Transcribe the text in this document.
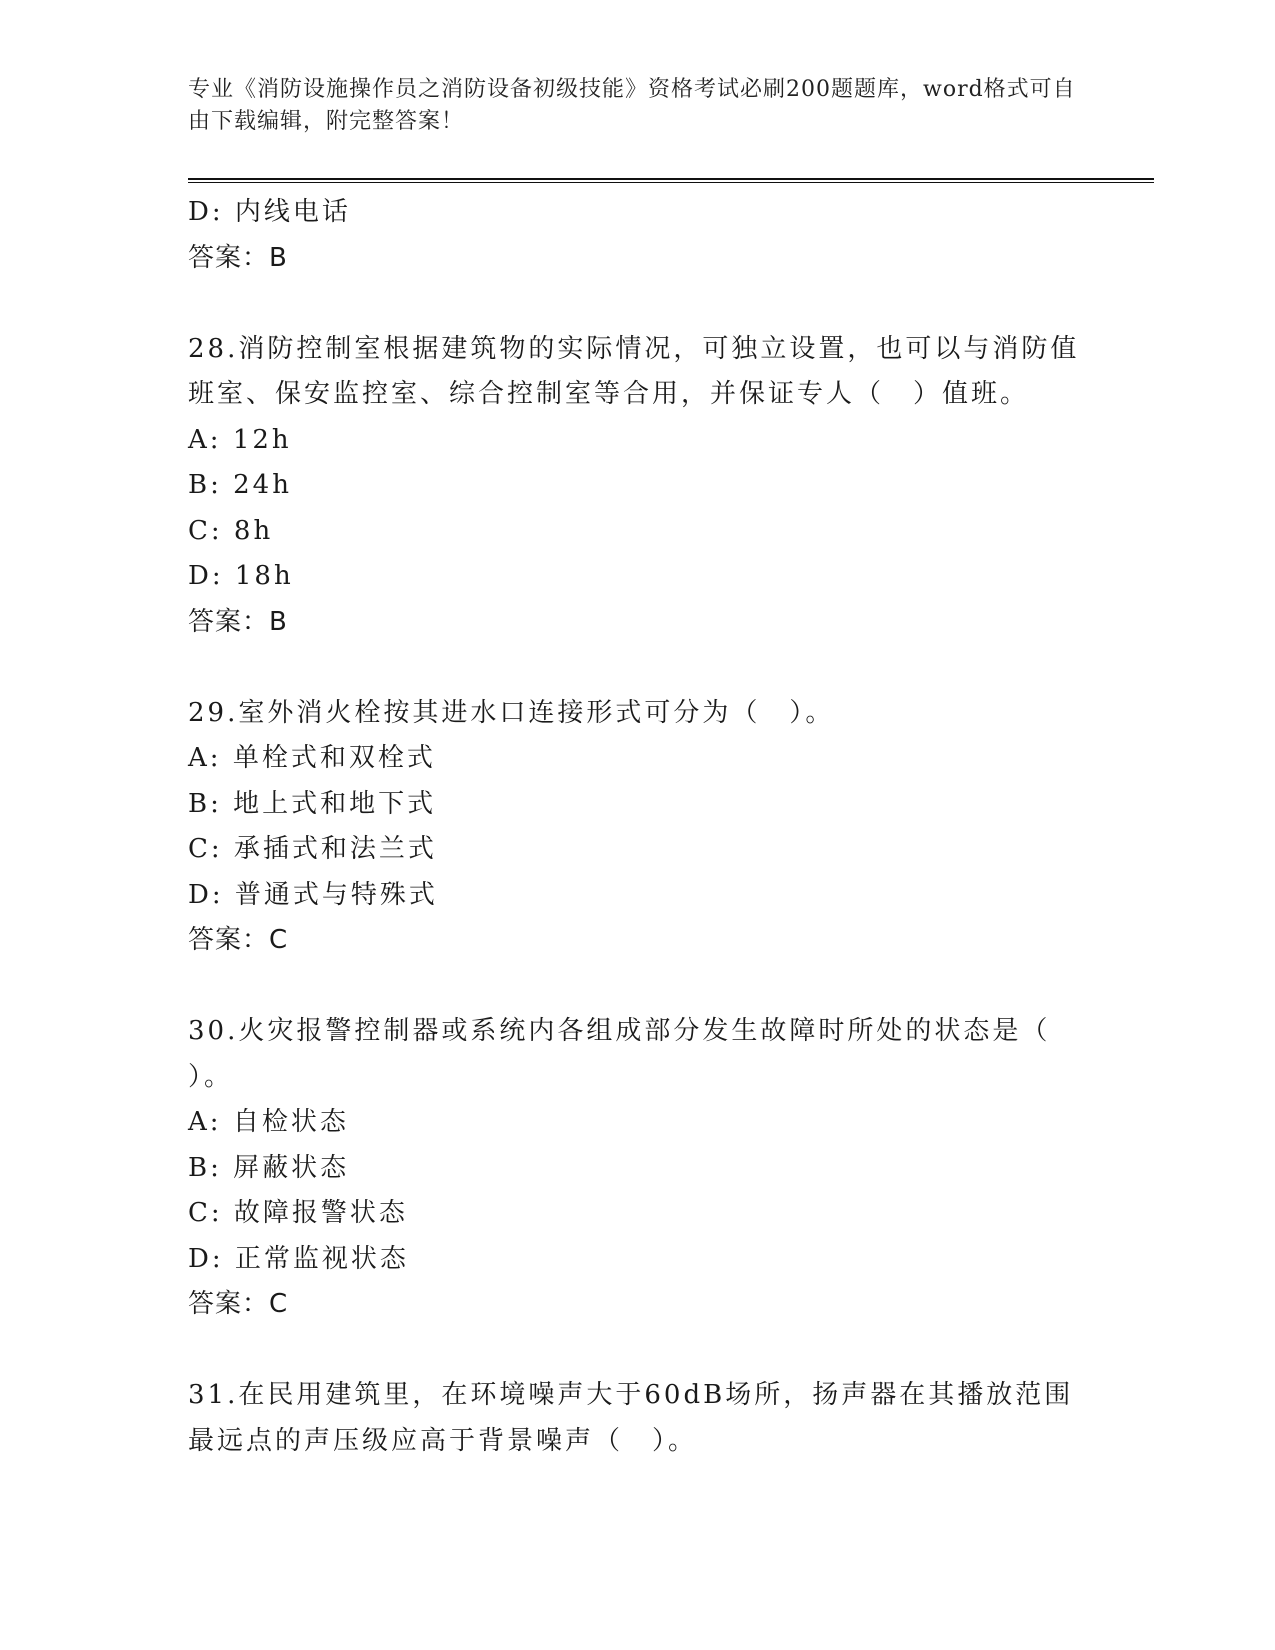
专业《消防设施操作员之消防设备初级技能》资格考试必刷200题题库，word格式可自由下载编辑，附完整答案！
D: 内线电话
答案：B
28.消防控制室根据建筑物的实际情况，可独立设置，也可以与消防值
班室、保安监控室、综合控制室等合用，并保证专人（　）值班。
A: 12h
B: 24h
C: 8h
D: 18h
答案：B
29.室外消火栓按其进水口连接形式可分为（　）。
A: 单栓式和双栓式
B: 地上式和地下式
C: 承插式和法兰式
D: 普通式与特殊式
答案：C
30.火灾报警控制器或系统内各组成部分发生故障时所处的状态是（
）。
A: 自检状态
B: 屏蔽状态
C: 故障报警状态
D: 正常监视状态
答案：C
31.在民用建筑里，在环境噪声大于60dB场所，扬声器在其播放范围
最远点的声压级应高于背景噪声（　）。
